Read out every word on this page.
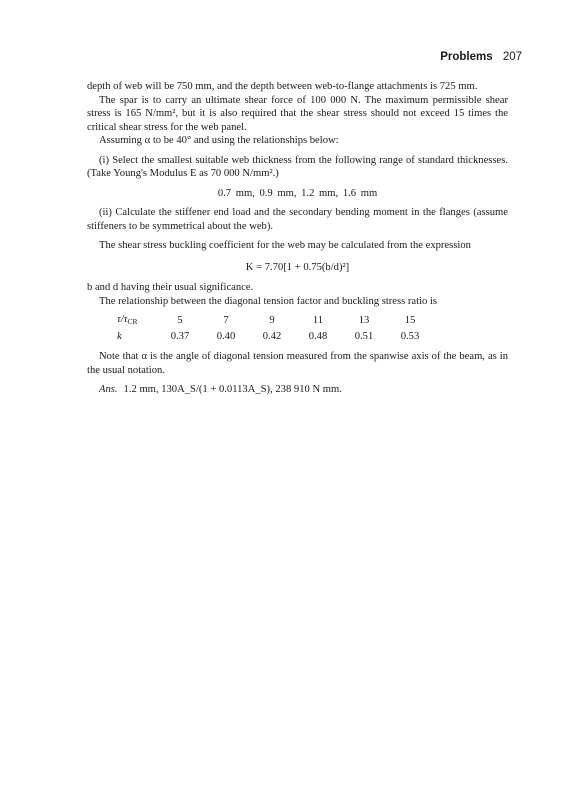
Problems 207

depth of web will be 750 mm, and the depth between web-to-flange attachments is 725 mm.

The spar is to carry an ultimate shear force of 100 000 N. The maximum permissible shear stress is 165 N/mm², but it is also required that the shear stress should not exceed 15 times the critical shear stress for the web panel.

Assuming α to be 40° and using the relationships below:

(i) Select the smallest suitable web thickness from the following range of standard thicknesses. (Take Young's Modulus E as 70 000 N/mm².)

0.7 mm, 0.9 mm, 1.2 mm, 1.6 mm

(ii) Calculate the stiffener end load and the secondary bending moment in the flanges (assume stiffeners to be symmetrical about the web).

The shear stress buckling coefficient for the web may be calculated from the expression

K = 7.70[1 + 0.75(b/d)²]

b and d having their usual significance.

The relationship between the diagonal tension factor and buckling stress ratio is

$\tau/\tau_{CR}$	5	7	9	11	13	15
k	0.37	0.40	0.42	0.48	0.51	0.53

Note that α is the angle of diagonal tension measured from the spanwise axis of the beam, as in the usual notation.

Ans. 1.2 mm, 130A_S/(1 + 0.0113A_S), 238 910 N mm.
